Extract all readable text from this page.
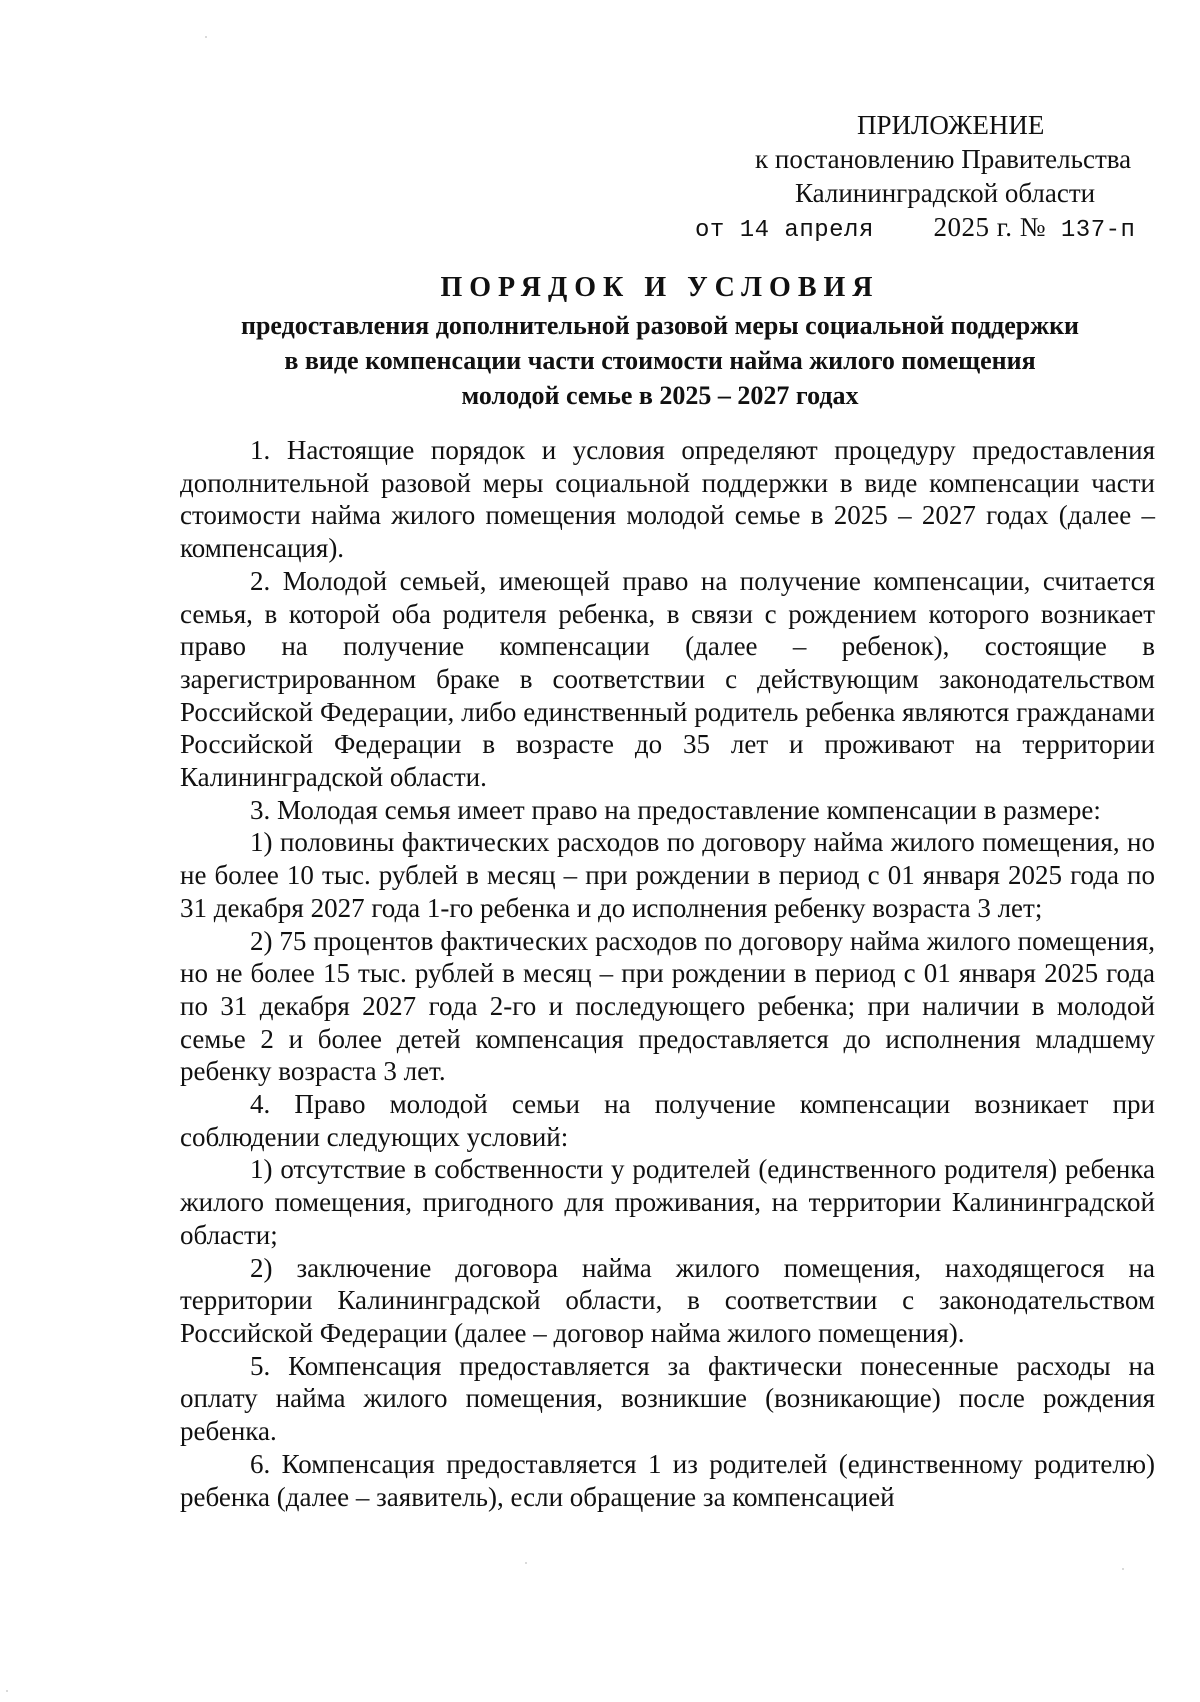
ПРИЛОЖЕНИЕ
к постановлению Правительства
Калининградской области
от 14 апреля 2025 г. № 137-п
ПОРЯДОК И УСЛОВИЯ
предоставления дополнительной разовой меры социальной поддержки
в виде компенсации части стоимости найма жилого помещения
молодой семье в 2025 – 2027 годах

1. Настоящие порядок и условия определяют процедуру предоставления дополнительной разовой меры социальной поддержки в виде компенсации части стоимости найма жилого помещения молодой семье в 2025 – 2027 годах (далее – компенсация).

2. Молодой семьей, имеющей право на получение компенсации, считается семья, в которой оба родителя ребенка, в связи с рождением которого возникает право на получение компенсации (далее – ребенок), состоящие в зарегистрированном браке в соответствии с действующим законодательством Российской Федерации, либо единственный родитель ребенка являются гражданами Российской Федерации в возрасте до 35 лет и проживают на территории Калининградской области.

3. Молодая семья имеет право на предоставление компенсации в размере:

1) половины фактических расходов по договору найма жилого помещения, но не более 10 тыс. рублей в месяц – при рождении в период с 01 января 2025 года по 31 декабря 2027 года 1-го ребенка и до исполнения ребенку возраста 3 лет;

2) 75 процентов фактических расходов по договору найма жилого помещения, но не более 15 тыс. рублей в месяц – при рождении в период с 01 января 2025 года по 31 декабря 2027 года 2-го и последующего ребенка; при наличии в молодой семье 2 и более детей компенсация предоставляется до исполнения младшему ребенку возраста 3 лет.

4. Право молодой семьи на получение компенсации возникает при соблюдении следующих условий:

1) отсутствие в собственности у родителей (единственного родителя) ребенка жилого помещения, пригодного для проживания, на территории Калининградской области;

2) заключение договора найма жилого помещения, находящегося на территории Калининградской области, в соответствии с законодательством Российской Федерации (далее – договор найма жилого помещения).

5. Компенсация предоставляется за фактически понесенные расходы на оплату найма жилого помещения, возникшие (возникающие) после рождения ребенка.

6. Компенсация предоставляется 1 из родителей (единственному родителю) ребенка (далее – заявитель), если обращение за компенсацией
